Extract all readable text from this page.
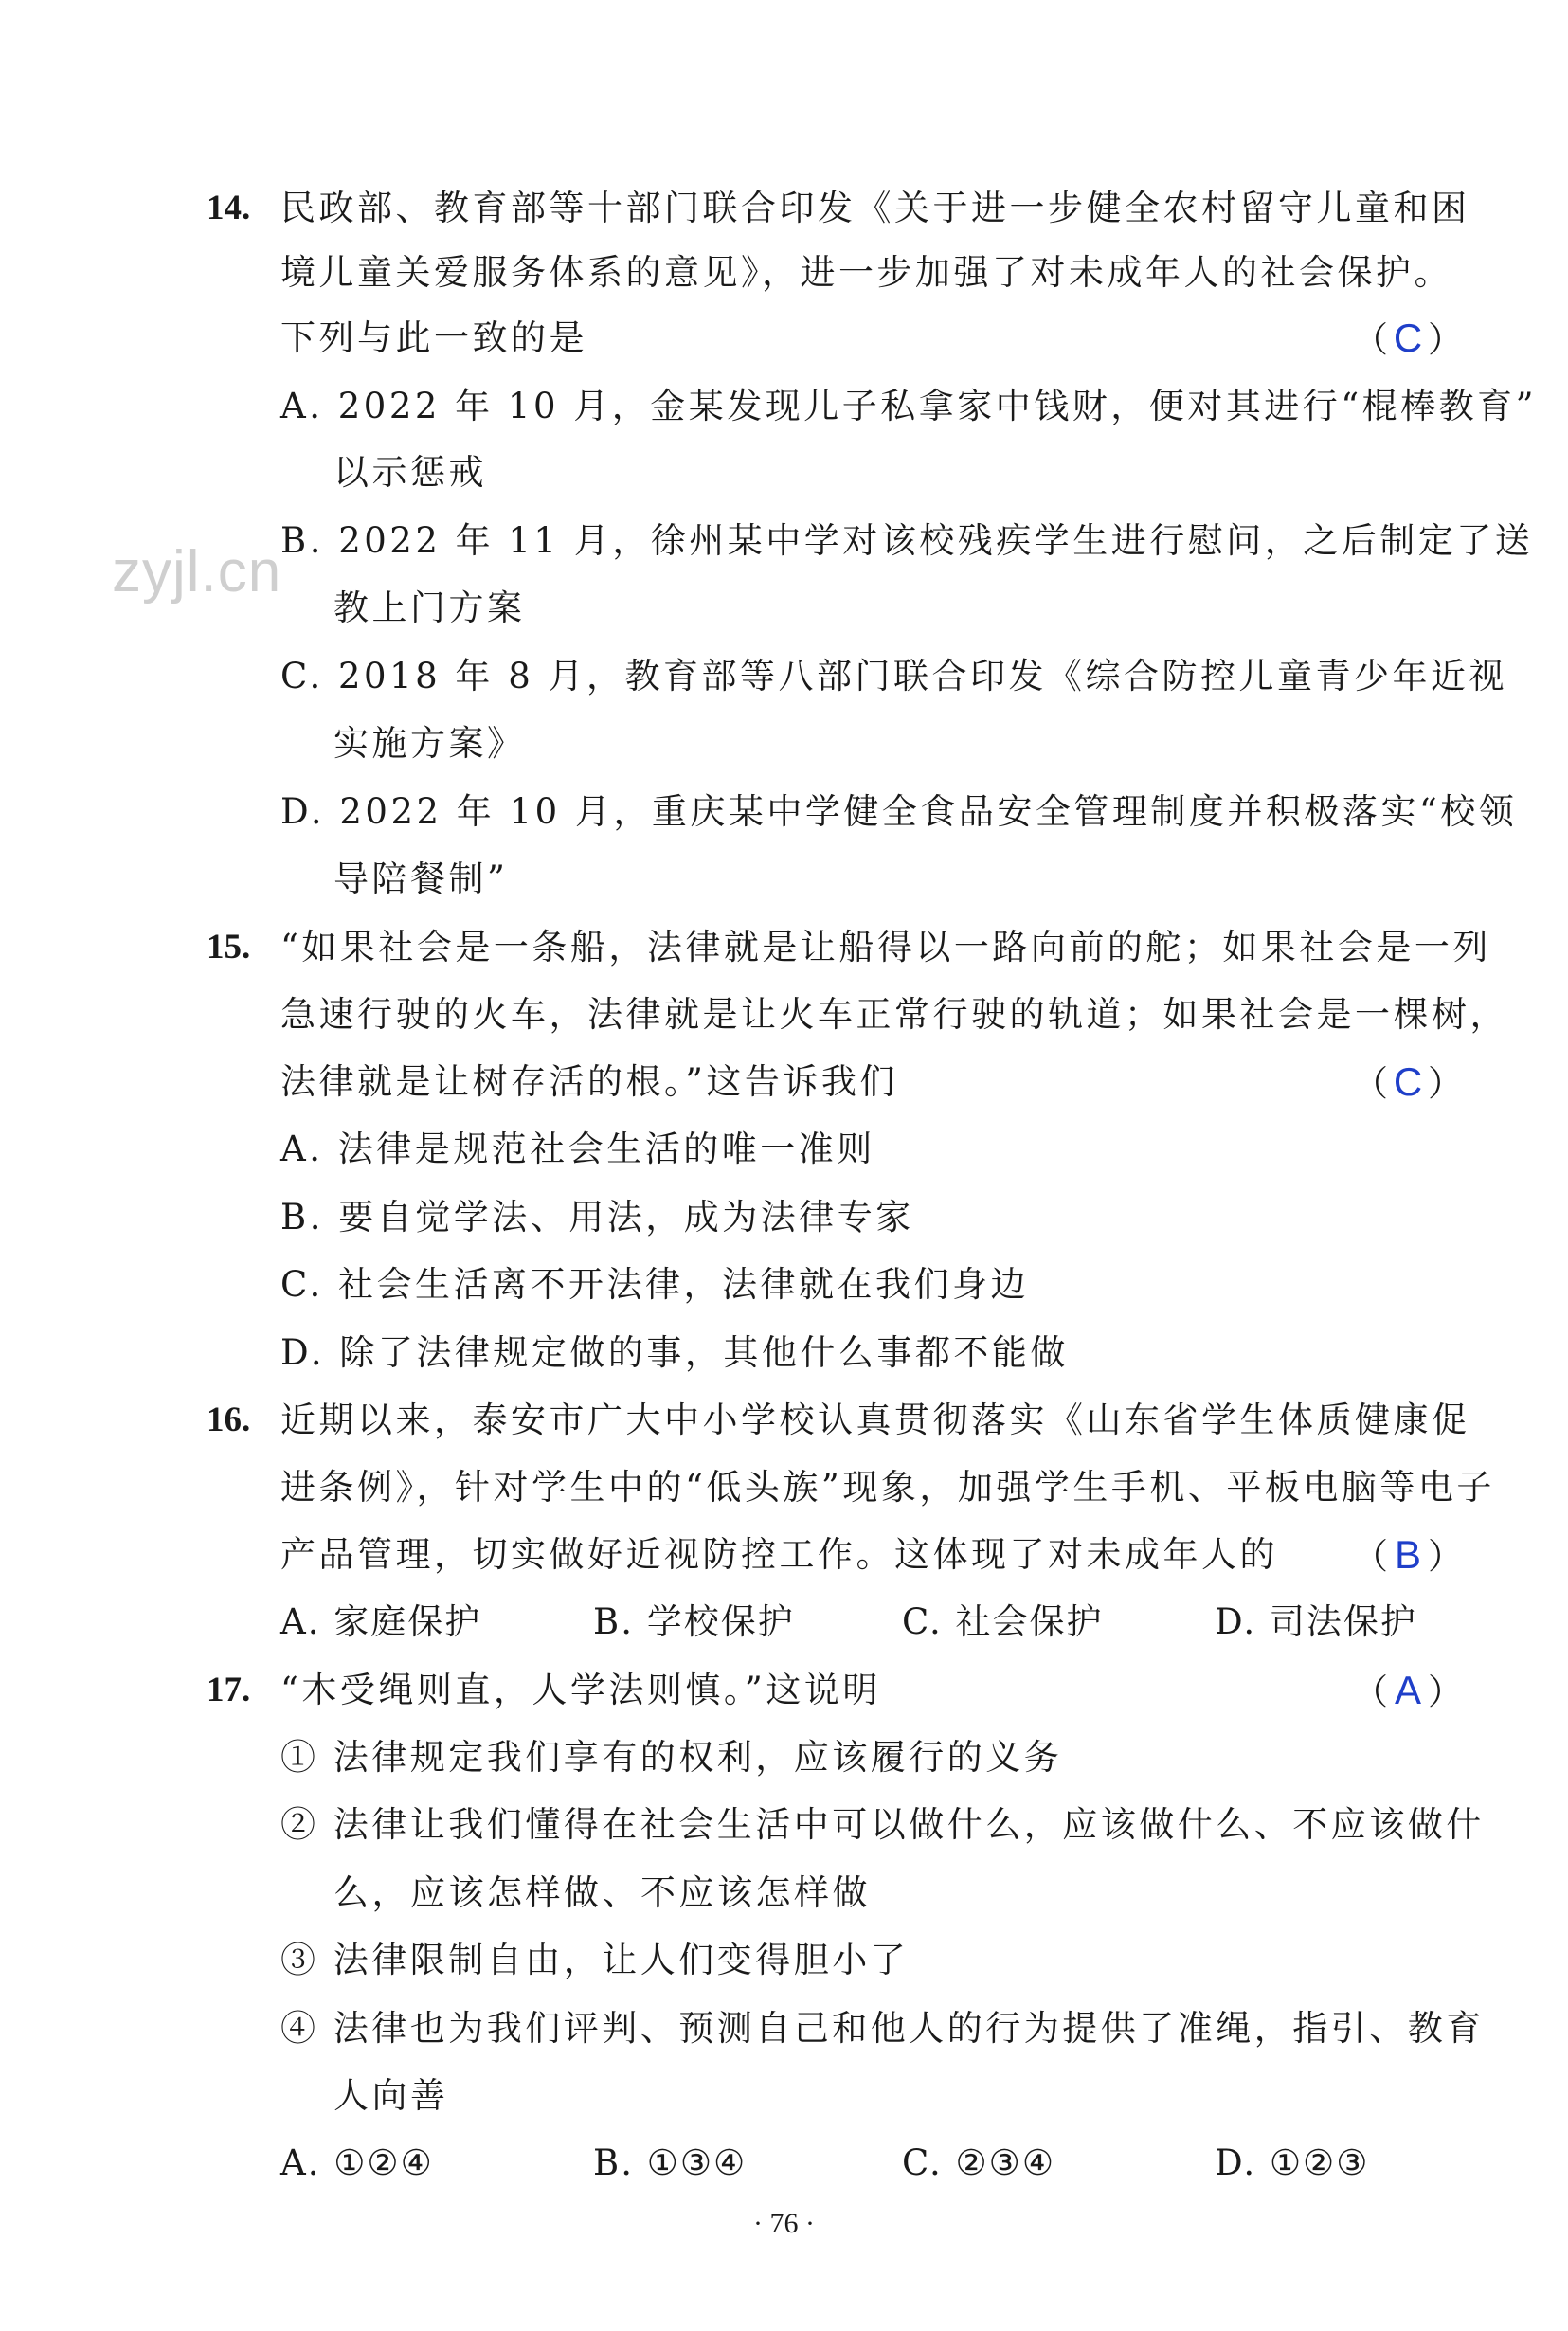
zyjl.cn
14. 民政部、教育部等十部门联合印发《关于进一步健全农村留守儿童和困
境儿童关爱服务体系的意见》，进一步加强了对未成年人的社会保护。
下列与此一致的是	（ C ）
A. 2022 年 10 月，金某发现儿子私拿家中钱财，便对其进行“棍棒教育”
以示惩戒
B. 2022 年 11 月，徐州某中学对该校残疾学生进行慰问，之后制定了送
教上门方案
C. 2018 年 8 月，教育部等八部门联合印发《综合防控儿童青少年近视
实施方案》
D. 2022 年 10 月，重庆某中学健全食品安全管理制度并积极落实“校领
导陪餐制”
15. “如果社会是一条船，法律就是让船得以一路向前的舵；如果社会是一列
急速行驶的火车，法律就是让火车正常行驶的轨道；如果社会是一棵树，
法律就是让树存活的根。”这告诉我们	（ C ）
A. 法律是规范社会生活的唯一准则
B. 要自觉学法、用法，成为法律专家
C. 社会生活离不开法律，法律就在我们身边
D. 除了法律规定做的事，其他什么事都不能做
16. 近期以来，泰安市广大中小学校认真贯彻落实《山东省学生体质健康促
进条例》，针对学生中的“低头族”现象，加强学生手机、平板电脑等电子
产品管理，切实做好近视防控工作。这体现了对未成年人的 （ B ）
A. 家庭保护	B. 学校保护	C. 社会保护	D. 司法保护
17. “木受绳则直，人学法则慎。”这说明	（ A ）
① 法律规定我们享有的权利，应该履行的义务
② 法律让我们懂得在社会生活中可以做什么，应该做什么、不应该做什
么，应该怎样做、不应该怎样做
③ 法律限制自由，让人们变得胆小了
④ 法律也为我们评判、预测自己和他人的行为提供了准绳，指引、教育
人向善
A. ①②④	B. ①③④	C. ②③④	D. ①②③
· 76 ·
